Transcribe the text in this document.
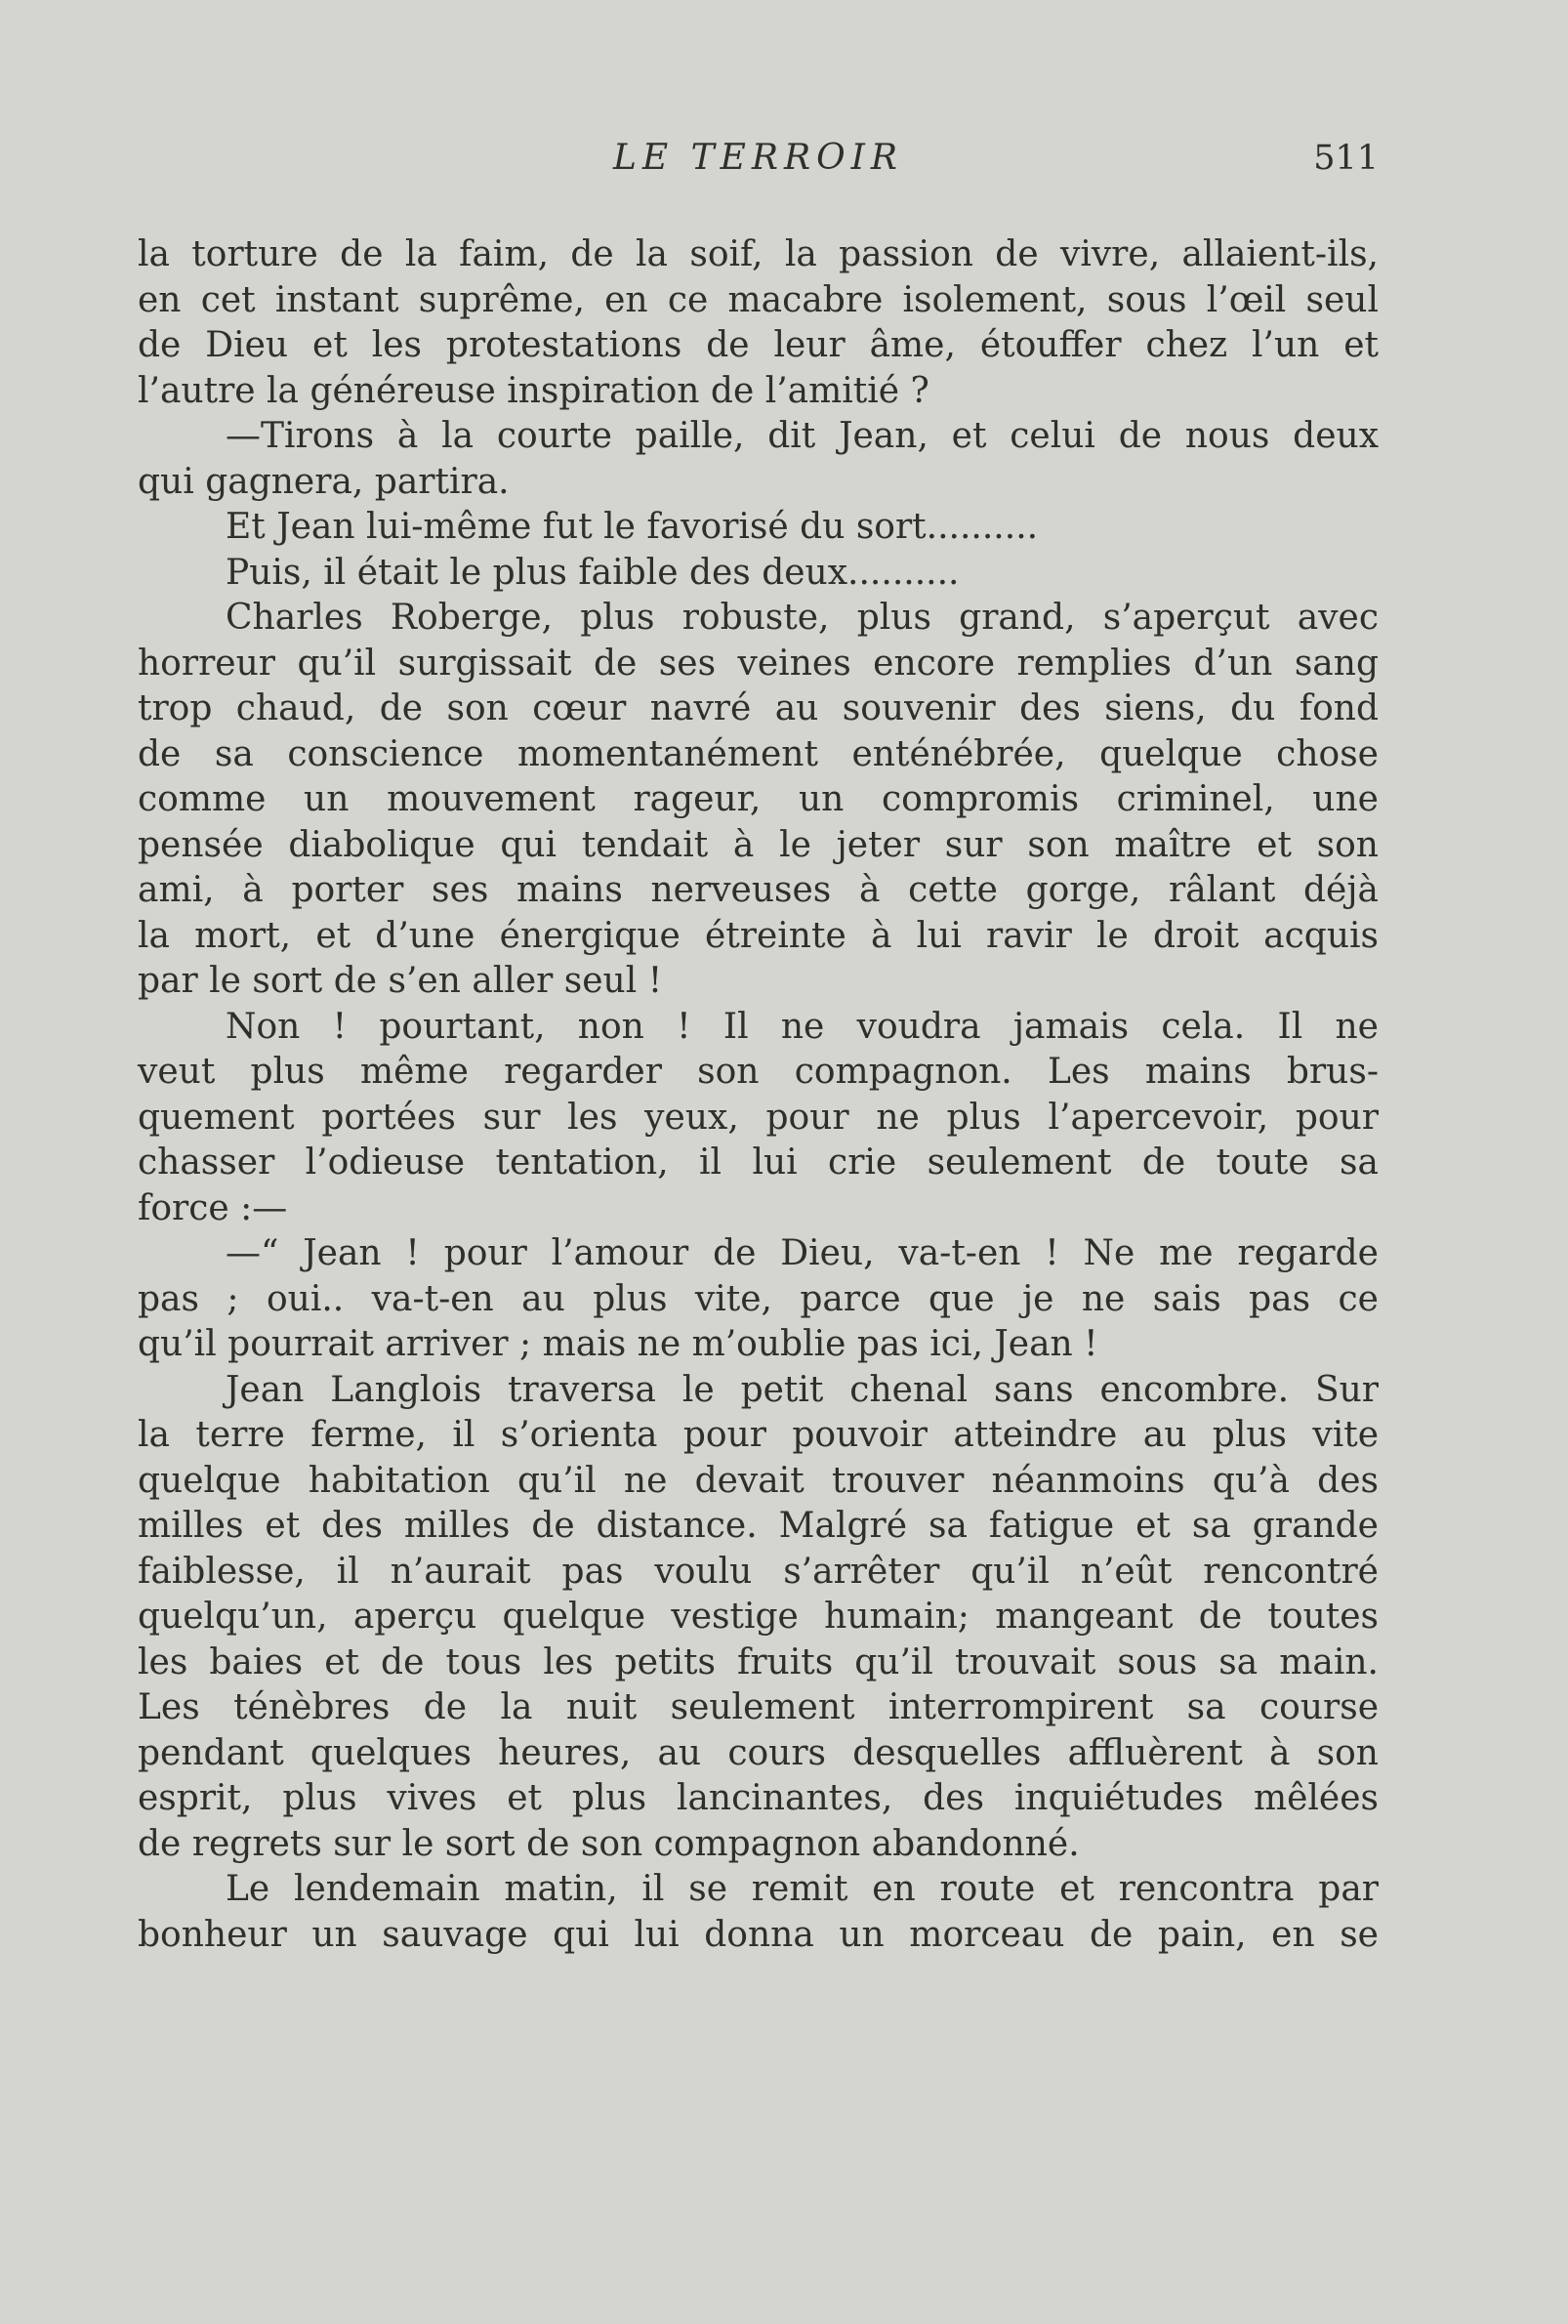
LE TERROIR	511
la torture de la faim, de la soif, la passion de vivre, allaient-ils,
en cet instant suprême, en ce macabre isolement, sous l’œil seul
de Dieu et les protestations de leur âme, étouffer chez l’un et
l’autre la généreuse inspiration de l’amitié ?
—Tirons à la courte paille, dit Jean, et celui de nous deux
qui gagnera, partira.
Et Jean lui-même fut le favorisé du sort..........
Puis, il était le plus faible des deux..........
Charles Roberge, plus robuste, plus grand, s’aperçut avec
horreur qu’il surgissait de ses veines encore remplies d’un sang
trop chaud, de son cœur navré au souvenir des siens, du fond
de sa conscience momentanément enténébrée, quelque chose
comme un mouvement rageur, un compromis criminel, une
pensée diabolique qui tendait à le jeter sur son maître et son
ami, à porter ses mains nerveuses à cette gorge, râlant déjà
la mort, et d’une énergique étreinte à lui ravir le droit acquis
par le sort de s’en aller seul !
Non ! pourtant, non ! Il ne voudra jamais cela. Il ne
veut plus même regarder son compagnon. Les mains brus-
quement portées sur les yeux, pour ne plus l’apercevoir, pour
chasser l’odieuse tentation, il lui crie seulement de toute sa
force :—
—“ Jean ! pour l’amour de Dieu, va-t-en ! Ne me regarde
pas ; oui.. va-t-en au plus vite, parce que je ne sais pas ce
qu’il pourrait arriver ; mais ne m’oublie pas ici, Jean !
Jean Langlois traversa le petit chenal sans encombre. Sur
la terre ferme, il s’orienta pour pouvoir atteindre au plus vite
quelque habitation qu’il ne devait trouver néanmoins qu’à des
milles et des milles de distance. Malgré sa fatigue et sa grande
faiblesse, il n’aurait pas voulu s’arrêter qu’il n’eût rencontré
quelqu’un, aperçu quelque vestige humain; mangeant de toutes
les baies et de tous les petits fruits qu’il trouvait sous sa main.
Les ténèbres de la nuit seulement interrompirent sa course
pendant quelques heures, au cours desquelles affluèrent à son
esprit, plus vives et plus lancinantes, des inquiétudes mêlées
de regrets sur le sort de son compagnon abandonné.
Le lendemain matin, il se remit en route et rencontra par
bonheur un sauvage qui lui donna un morceau de pain, en se
